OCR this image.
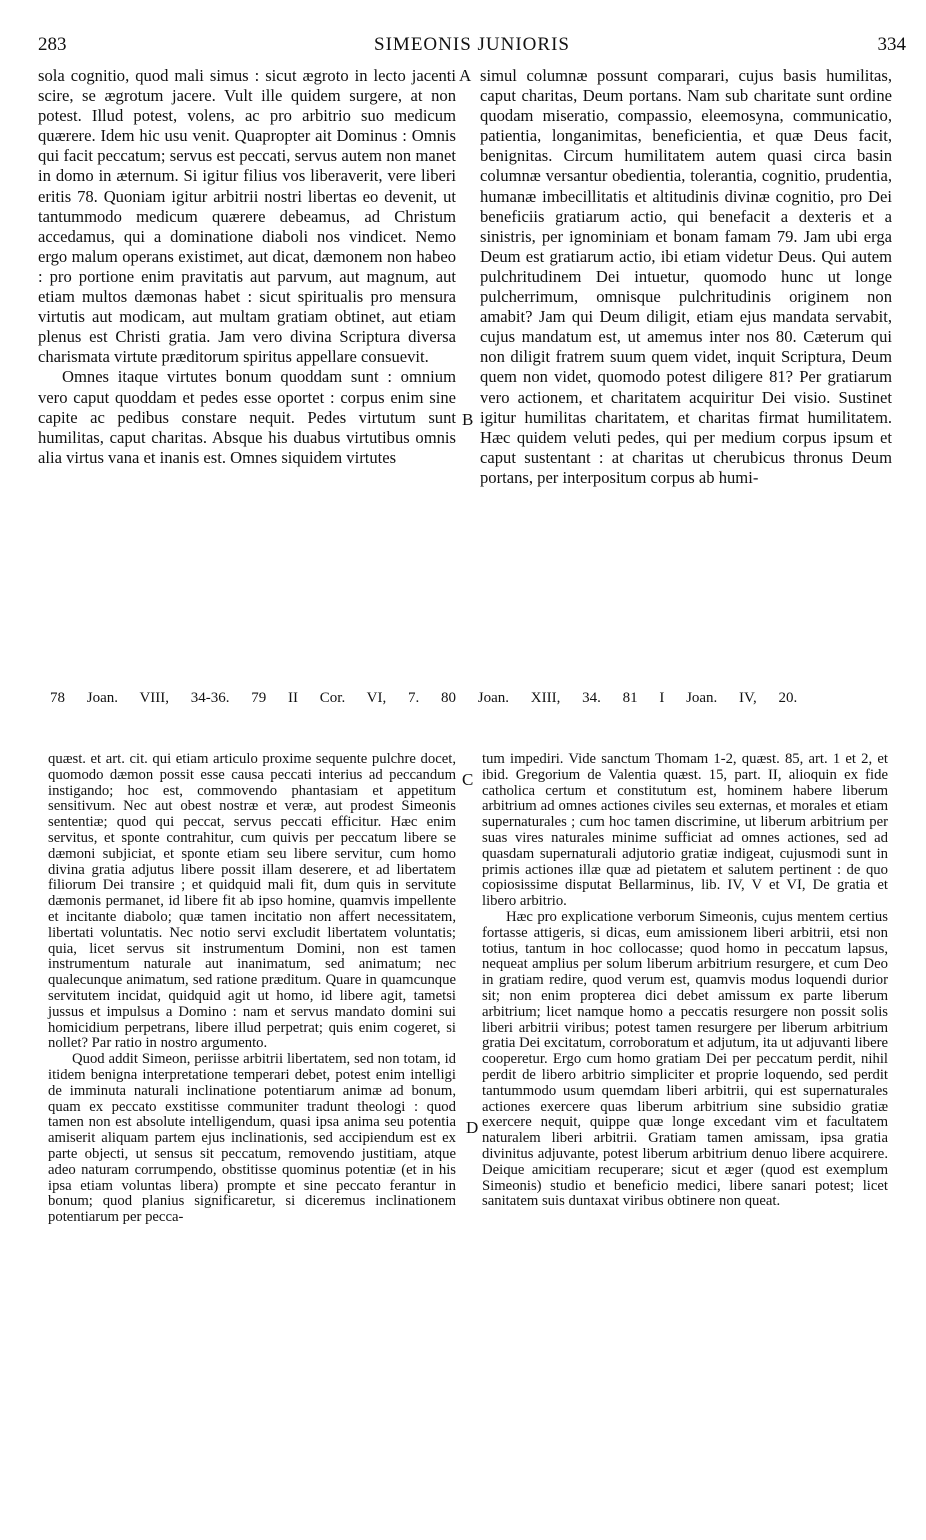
283	SIMEONIS JUNIORIS	334

sola cognitio, quod mali simus : sicut ægroto in lecto jacenti scire, se ægrotum jacere. Vult ille quidem surgere, at non potest. Illud potest, volens, ac pro arbitrio suo medicum quærere. Idem hic usu venit. Quapropter ait Dominus : Omnis qui facit peccatum; servus est peccati, servus autem non manet in domo in æternum. Si igitur filius vos liberaverit, vere liberi eritis 78. Quoniam igitur arbitrii nostri libertas eo devenit, ut tantummodo medicum quærere debeamus, ad Christum accedamus, qui a dominatione diaboli nos vindicet. Nemo ergo malum operans existimet, aut dicat, dæmonem non habeo : pro portione enim pravitatis aut parvum, aut magnum, aut etiam multos dæmonas habet : sicut spiritualis pro mensura virtutis aut modicam, aut multam gratiam obtinet, aut etiam plenus est Christi gratia. Jam vero divina Scriptura diversa charismata virtute præditorum spiritus appellare consuevit.

Omnes itaque virtutes bonum quoddam sunt : omnium vero caput quoddam et pedes esse oportet : corpus enim sine capite ac pedibus constare nequit. Pedes virtutum sunt humilitas, caput charitas. Absque his duabus virtutibus omnis alia virtus vana et inanis est. Omnes siquidem virtutes

simul columnæ possunt comparari, cujus basis humilitas, caput charitas, Deum portans. Nam sub charitate sunt ordine quodam miseratio, compassio, eleemosyna, communicatio, patientia, longanimitas, beneficientia, et quæ Deus facit, benignitas. Circum humilitatem autem quasi circa basin columnæ versantur obedientia, tolerantia, cognitio, prudentia, humanæ imbecillitatis et altitudinis divinæ cognitio, pro Dei beneficiis gratiarum actio, qui benefacit a dexteris et a sinistris, per ignominiam et bonam famam 79. Jam ubi erga Deum est gratiarum actio, ibi etiam videtur Deus. Qui autem pulchritudinem Dei intuetur, quomodo hunc ut longe pulcherrimum, omnisque pulchritudinis originem non amabit? Jam qui Deum diligit, etiam ejus mandata servabit, cujus mandatum est, ut amemus inter nos 80. Cæterum qui non diligit fratrem suum quem videt, inquit Scriptura, Deum quem non videt, quomodo potest diligere 81? Per gratiarum vero actionem, et charitatem acquiritur Dei visio. Sustinet igitur humilitas charitatem, et charitas firmat humilitatem. Hæc quidem veluti pedes, qui per medium corpus ipsum et caput sustentant : at charitas ut cherubicus thronus Deum portans, per interpositum corpus ab humi-

A
B
78 Joan. VIII, 34-36. 79 II Cor. VI, 7. 80 Joan. XIII, 34. 81 I Joan. IV, 20.

quæst. et art. cit. qui etiam articulo proxime sequente pulchre docet, quomodo dæmon possit esse causa peccati interius ad peccandum instigando; hoc est, commovendo phantasiam et appetitum sensitivum. Nec aut obest nostræ et veræ, aut prodest Simeonis sententiæ; quod qui peccat, servus peccati efficitur. Hæc enim servitus, et sponte contrahitur, cum quivis per peccatum libere se dæmoni subjiciat, et sponte etiam seu libere servitur, cum homo divina gratia adjutus libere possit illam deserere, et ad libertatem filiorum Dei transire ; et quidquid mali fit, dum quis in servitute dæmonis permanet, id libere fit ab ipso homine, quamvis impellente et incitante diabolo; quæ tamen incitatio non affert necessitatem, libertati voluntatis. Nec notio servi excludit libertatem voluntatis; quia, licet servus sit instrumentum Domini, non est tamen instrumentum naturale aut inanimatum, sed animatum; nec qualecunque animatum, sed ratione præditum. Quare in quamcunque servitutem incidat, quidquid agit ut homo, id libere agit, tametsi jussus et impulsus a Domino : nam et servus mandato domini sui homicidium perpetrans, libere illud perpetrat; quis enim cogeret, si nollet? Par ratio in nostro argumento.

Quod addit Simeon, periisse arbitrii libertatem, sed non totam, id itidem benigna interpretatione temperari debet, potest enim intelligi de imminuta naturali inclinatione potentiarum animæ ad bonum, quam ex peccato exstitisse communiter tradunt theologi : quod tamen non est absolute intelligendum, quasi ipsa anima seu potentia amiserit aliquam partem ejus inclinationis, sed accipiendum est ex parte objecti, ut sensus sit peccatum, removendo justitiam, atque adeo naturam corrumpendo, obstitisse quominus potentiæ (et in his ipsa etiam voluntas libera) prompte et sine peccato ferantur in bonum; quod planius significaretur, si diceremus inclinationem potentiarum per pecca-

tum impediri. Vide sanctum Thomam 1-2, quæst. 85, art. 1 et 2, et ibid. Gregorium de Valentia quæst. 15, part. II, alioquin ex fide catholica certum et constitutum est, hominem habere liberum arbitrium ad omnes actiones civiles seu externas, et morales et etiam supernaturales ; cum hoc tamen discrimine, ut liberum arbitrium per suas vires naturales minime sufficiat ad omnes actiones, sed ad quasdam supernaturali adjutorio gratiæ indigeat, cujusmodi sunt in primis actiones illæ quæ ad pietatem et salutem pertinent : de quo copiosissime disputat Bellarminus, lib. IV, V et VI, De gratia et libero arbitrio.

Hæc pro explicatione verborum Simeonis, cujus mentem certius fortasse attigeris, si dicas, eum amissionem liberi arbitrii, etsi non totius, tantum in hoc collocasse; quod homo in peccatum lapsus, nequeat amplius per solum liberum arbitrium resurgere, et cum Deo in gratiam redire, quod verum est, quamvis modus loquendi durior sit; non enim propterea dici debet amissum ex parte liberum arbitrium; licet namque homo a peccatis resurgere non possit solis liberi arbitrii viribus; potest tamen resurgere per liberum arbitrium gratia Dei excitatum, corroboratum et adjutum, ita ut adjuvanti libere cooperetur. Ergo cum homo gratiam Dei per peccatum perdit, nihil perdit de libero arbitrio simpliciter et proprie loquendo, sed perdit tantummodo usum quemdam liberi arbitrii, qui est supernaturales actiones exercere quas liberum arbitrium sine subsidio gratiæ exercere nequit, quippe quæ longe excedant vim et facultatem naturalem liberi arbitrii. Gratiam tamen amissam, ipsa gratia divinitus adjuvante, potest liberum arbitrium denuo libere acquirere. Deique amicitiam recuperare; sicut et æger (quod est exemplum Simeonis) studio et beneficio medici, libere sanari potest; licet sanitatem suis duntaxat viribus obtinere non queat.

C
D
